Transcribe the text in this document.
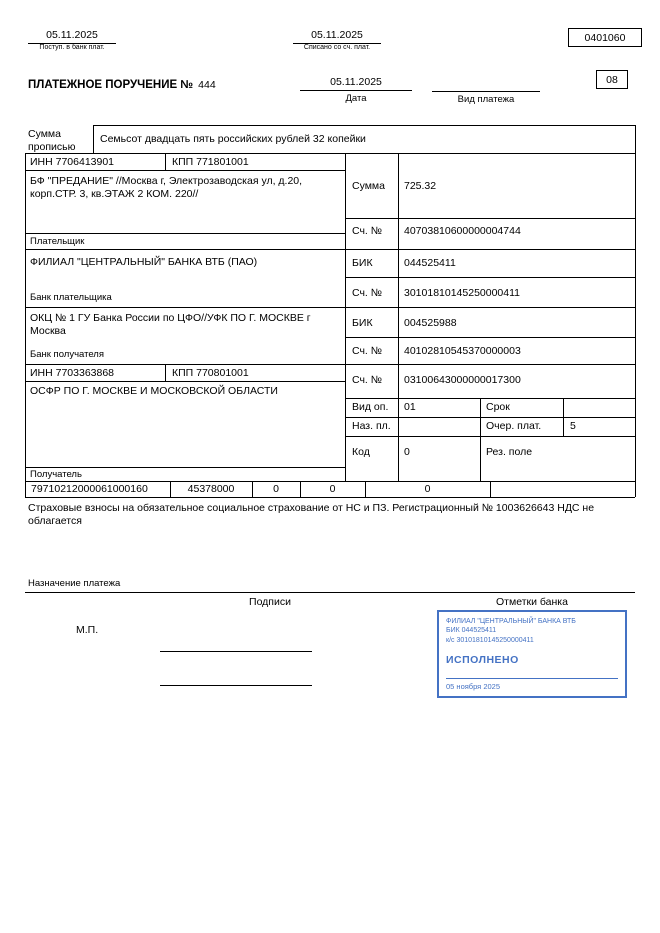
05.11.2025
Поступ. в банк плат.
05.11.2025
Списано со сч. плат.
0401060
ПЛАТЕЖНОЕ ПОРУЧЕНИЕ № 444	05.11.2025
Дата	Вид платежа
08
Сумма прописью
Семьсот двадцать пять российских рублей 32 копейки
ИНН 7706413901	КПП 771801001
БФ "ПРЕДАНИЕ" //Москва г, Электрозаводская ул, д.20, корп.СТР. 3, кв.ЭТАЖ 2 КОМ. 220//
Плательщик
Сумма 725.32
Сч. № 40703810600000004744
ФИЛИАЛ "ЦЕНТРАЛЬНЫЙ" БАНКА ВТБ (ПАО)	БИК	044525411
Сч. № 30101810145250000411
Банк плательщика
ОКЦ № 1 ГУ Банка России по ЦФО//УФК ПО Г. МОСКВЕ г Москва
БИК	004525988
Сч. № 40102810545370000003
Банк получателя
ИНН 7703363868	КПП 770801001
Сч. № 03100643000000017300
ОСФР ПО Г. МОСКВЕ И МОСКОВСКОЙ ОБЛАСТИ
Вид оп. 01	Срок
Наз. пл.	Очер. плат.	5
Код	0	Рез. поле
Получатель
79710212000061000160	45378000	0	0	0
Страховые взносы на обязательное социальное страхование от НС и ПЗ. Регистрационный № 1003626643 НДС не облагается
Назначение платежа
Подписи	Отметки банка
М.П.
ФИЛИАЛ "ЦЕНТРАЛЬНЫЙ" БАНКА ВТБ
БИК 044525411
к/с 30101810145250000411
ИСПОЛНЕНО
05 ноября 2025
